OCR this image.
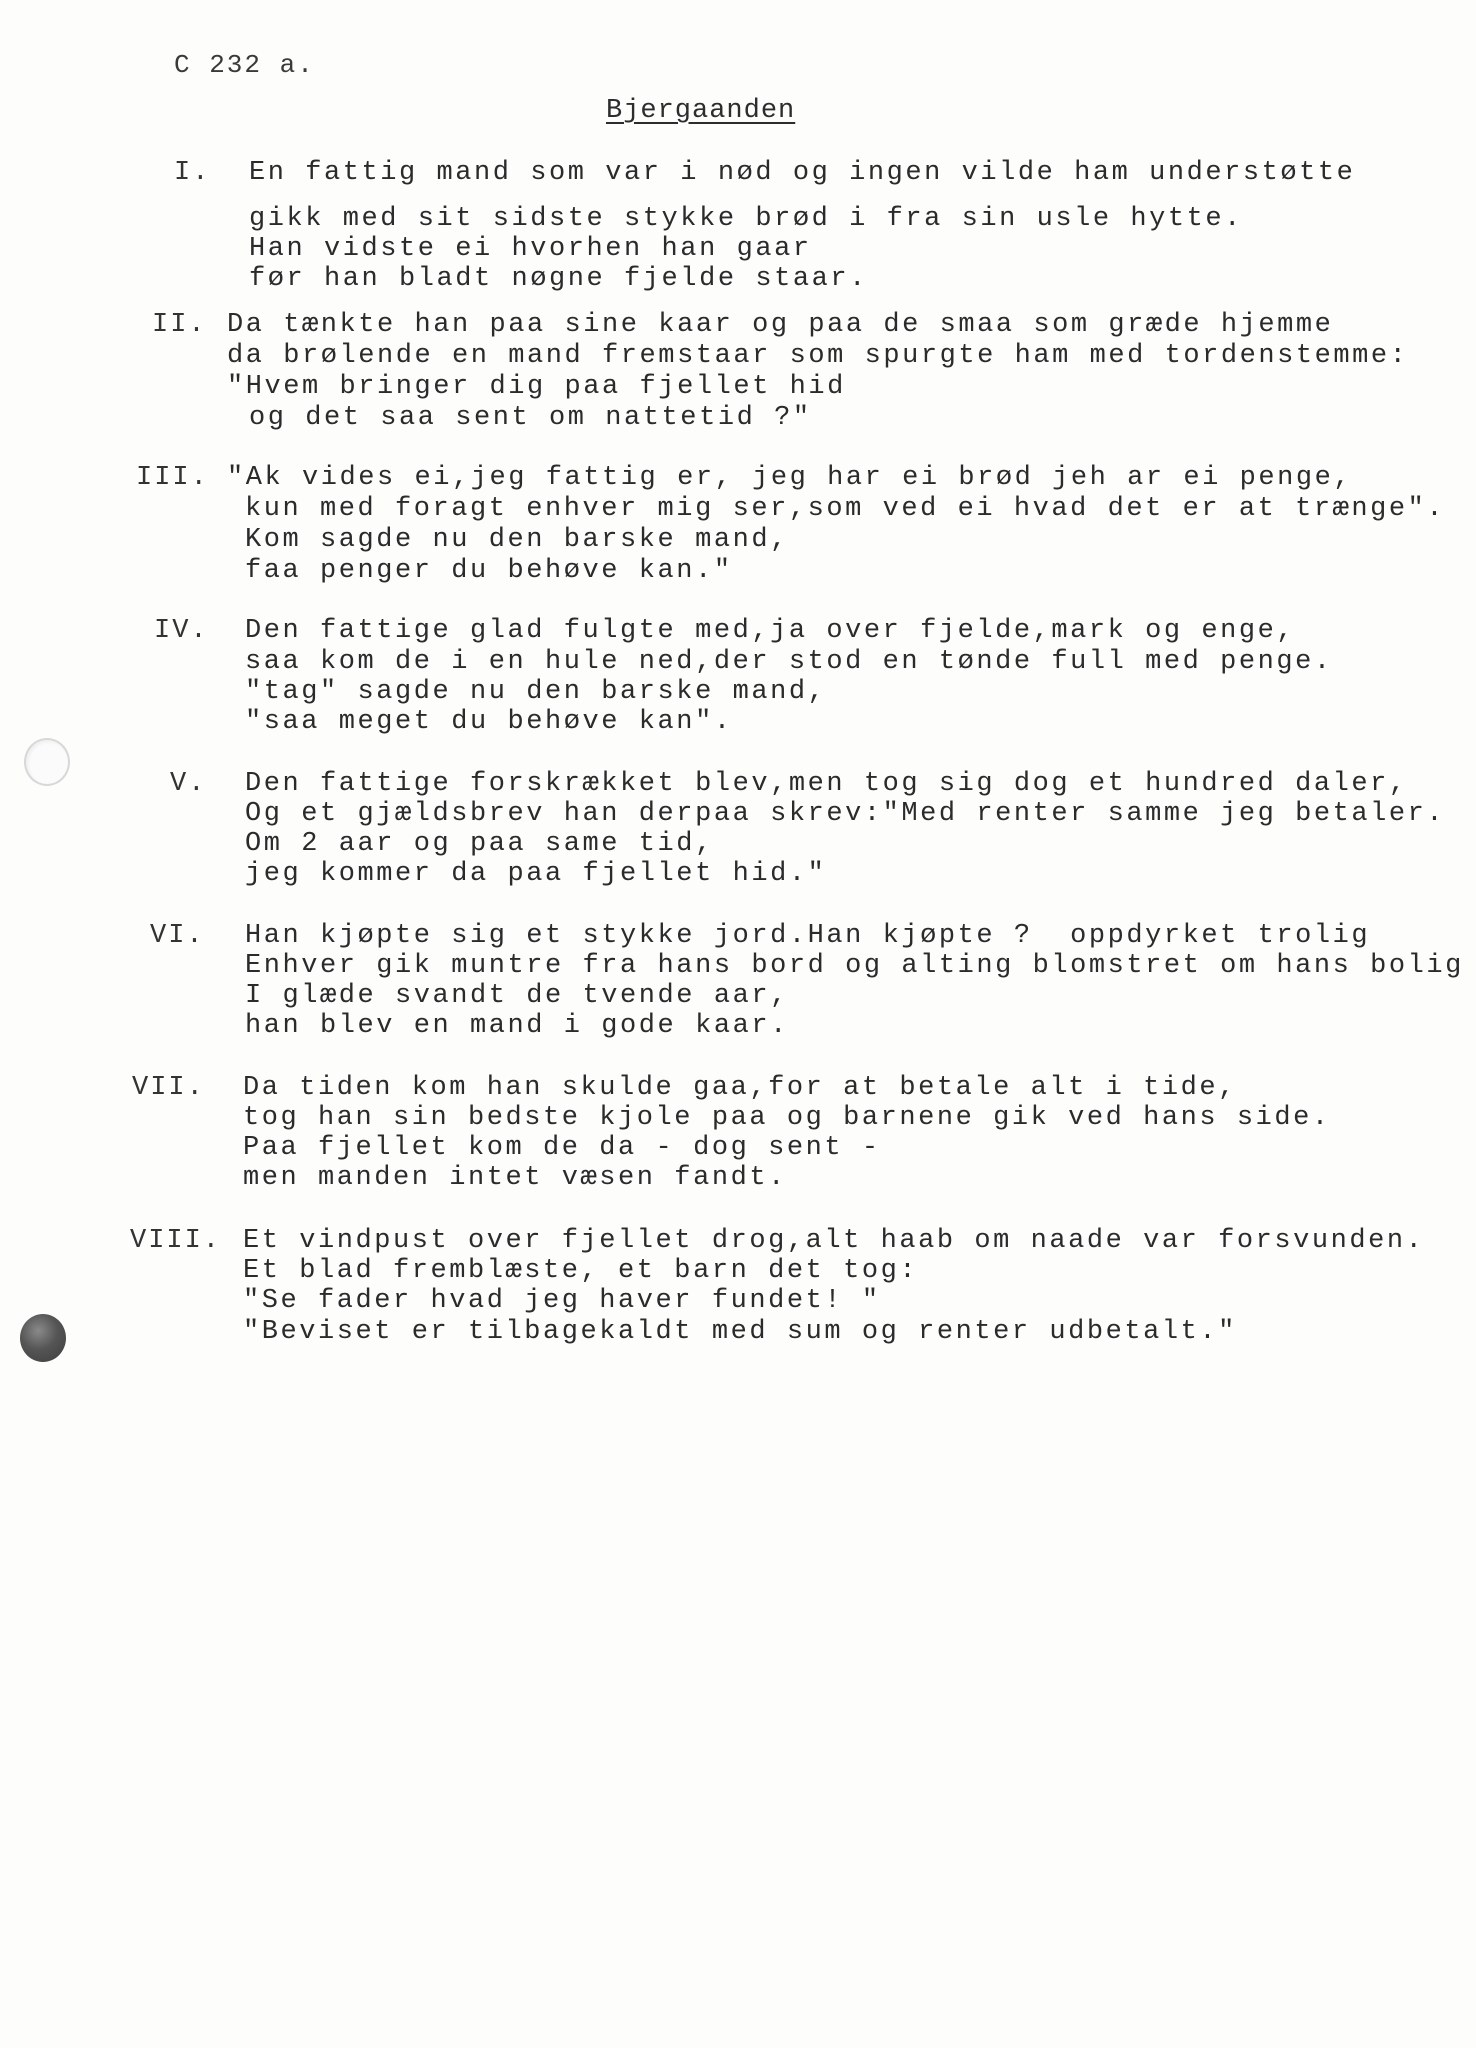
C 232 a.
Bjergaanden
I. En fattig mand som var i nød og ingen vilde ham understøtte
gikk med sit sidste stykke brød i fra sin usle hytte.
Han vidste ei hvorhen han gaar
før han bladt nøgne fjelde staar.
II. Da tænkte han paa sine kaar og paa de smaa som græde hjemme
da brølende en mand fremstaar som spurgte ham med tordenstemme:
"Hvem bringer dig paa fjellet hid
og det saa sent om nattetid ?"
III. "Ak vides ei,jeg fattig er, jeg har ei brød jeh ar ei penge,
kun med foragt enhver mig ser,som ved ei hvad det er at trænge".
Kom sagde nu den barske mand,
faa penger du behøve kan."
IV. Den fattige glad fulgte med,ja over fjelde,mark og enge,
saa kom de i en hule ned,der stod en tønde full med penge.
"tag" sagde nu den barske mand,
"saa meget du behøve kan".
V. Den fattige forskrækket blev,men tog sig dog et hundred daler,
Og et gjældsbrev han derpaa skrev:"Med renter samme jeg betaler.
Om 2 aar og paa same tid,
jeg kommer da paa fjellet hid."
VI. Han kjøpte sig et stykke jord.Han kjøpte ?  oppdyrket trolig
Enhver gik muntre fra hans bord og alting blomstret om hans bolig
I glæde svandt de tvende aar,
han blev en mand i gode kaar.
VII. Da tiden kom han skulde gaa,for at betale alt i tide,
tog han sin bedste kjole paa og barnene gik ved hans side.
Paa fjellet kom de da - dog sent -
men manden intet væsen fandt.
VIII. Et vindpust over fjellet drog,alt haab om naade var forsvunden.
Et blad fremblæste, et barn det tog:
"Se fader hvad jeg haver fundet! "
"Beviset er tilbagekaldt med sum og renter udbetalt."
